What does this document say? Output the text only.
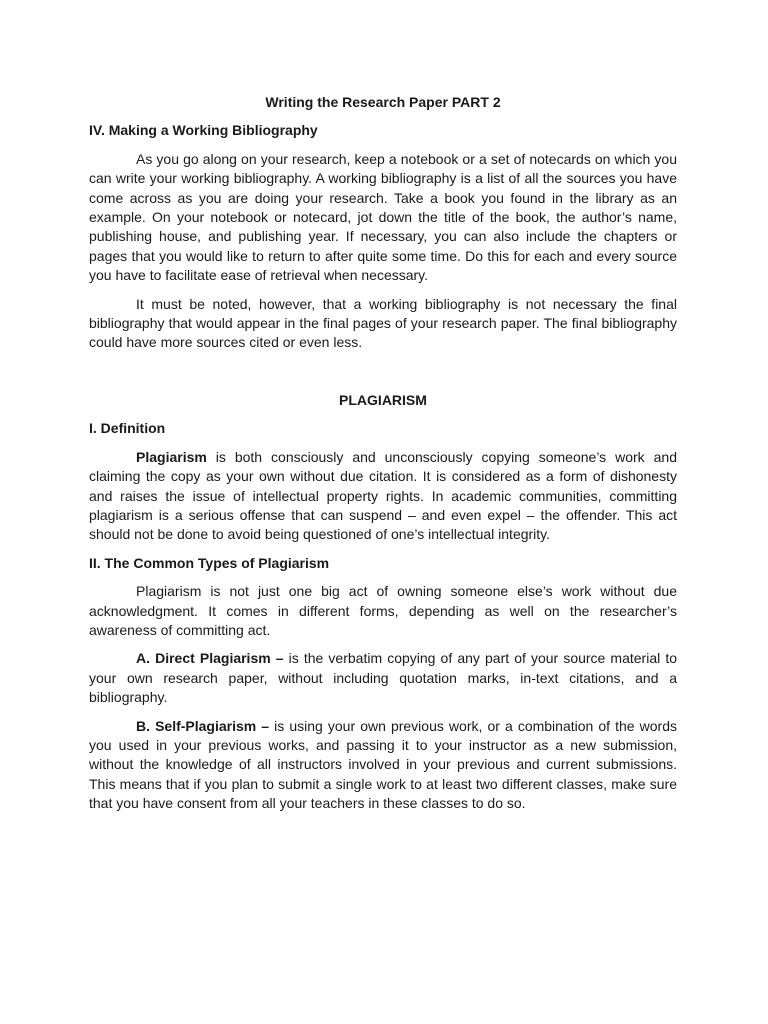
Writing the Research Paper PART 2
IV. Making a Working Bibliography

As you go along on your research, keep a notebook or a set of notecards on which you can write your working bibliography. A working bibliography is a list of all the sources you have come across as you are doing your research. Take a book you found in the library as an example. On your notebook or notecard, jot down the title of the book, the author’s name, publishing house, and publishing year. If necessary, you can also include the chapters or pages that you would like to return to after quite some time. Do this for each and every source you have to facilitate ease of retrieval when necessary.

It must be noted, however, that a working bibliography is not necessary the final bibliography that would appear in the final pages of your research paper. The final bibliography could have more sources cited or even less.

PLAGIARISM
I. Definition

Plagiarism is both consciously and unconsciously copying someone’s work and claiming the copy as your own without due citation. It is considered as a form of dishonesty and raises the issue of intellectual property rights. In academic communities, committing plagiarism is a serious offense that can suspend – and even expel – the offender. This act should not be done to avoid being questioned of one’s intellectual integrity.

II. The Common Types of Plagiarism

Plagiarism is not just one big act of owning someone else’s work without due acknowledgment. It comes in different forms, depending as well on the researcher’s awareness of committing act.

A. Direct Plagiarism – is the verbatim copying of any part of your source material to your own research paper, without including quotation marks, in-text citations, and a bibliography.

B. Self-Plagiarism – is using your own previous work, or a combination of the words you used in your previous works, and passing it to your instructor as a new submission, without the knowledge of all instructors involved in your previous and current submissions. This means that if you plan to submit a single work to at least two different classes, make sure that you have consent from all your teachers in these classes to do so.
